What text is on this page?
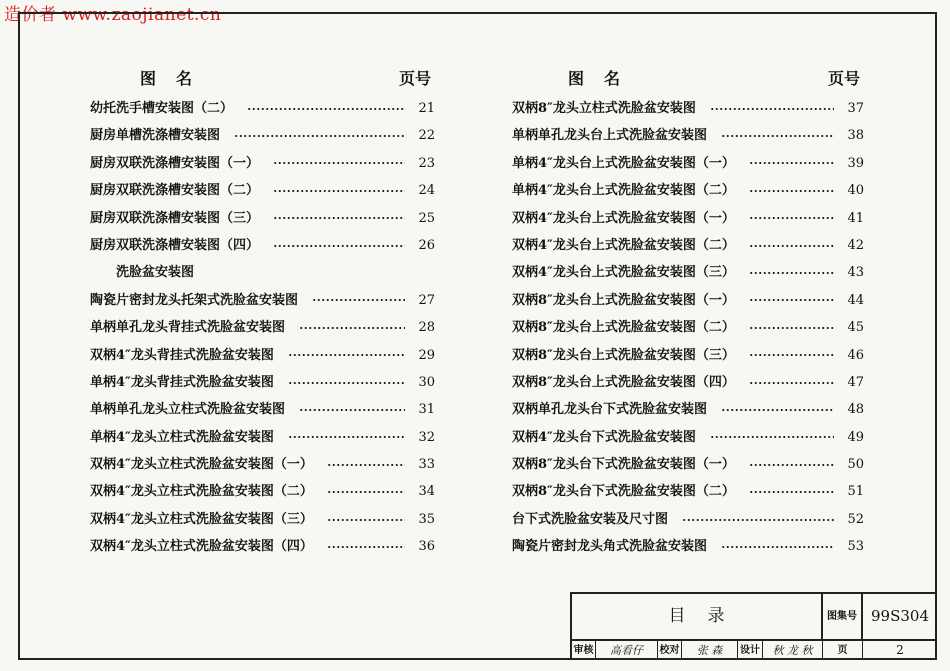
造价者 www.zaojianet.cn
图名	页号
幼托洗手槽安装图（二）	21
厨房单槽洗涤槽安装图	22
厨房双联洗涤槽安装图（一）	23
厨房双联洗涤槽安装图（二）	24
厨房双联洗涤槽安装图（三）	25
厨房双联洗涤槽安装图（四）	26
洗脸盆安装图
陶瓷片密封龙头托架式洗脸盆安装图	27
单柄单孔龙头背挂式洗脸盆安装图	28
双柄4″龙头背挂式洗脸盆安装图	29
单柄4″龙头背挂式洗脸盆安装图	30
单柄单孔龙头立柱式洗脸盆安装图	31
单柄4″龙头立柱式洗脸盆安装图	32
双柄4″龙头立柱式洗脸盆安装图（一）	33
双柄4″龙头立柱式洗脸盆安装图（二）	34
双柄4″龙头立柱式洗脸盆安装图（三）	35
双柄4″龙头立柱式洗脸盆安装图（四）	36
图名	页号
双柄8″龙头立柱式洗脸盆安装图	37
单柄单孔龙头台上式洗脸盆安装图	38
单柄4″龙头台上式洗脸盆安装图（一）	39
单柄4″龙头台上式洗脸盆安装图（二）	40
双柄4″龙头台上式洗脸盆安装图（一）	41
双柄4″龙头台上式洗脸盆安装图（二）	42
双柄4″龙头台上式洗脸盆安装图（三）	43
双柄8″龙头台上式洗脸盆安装图（一）	44
双柄8″龙头台上式洗脸盆安装图（二）	45
双柄8″龙头台上式洗脸盆安装图（三）	46
双柄8″龙头台上式洗脸盆安装图（四）	47
双柄单孔龙头台下式洗脸盆安装图	48
双柄4″龙头台下式洗脸盆安装图	49
双柄8″龙头台下式洗脸盆安装图（一）	50
双柄8″龙头台下式洗脸盆安装图（二）	51
台下式洗脸盆安装及尺寸图	52
陶瓷片密封龙头角式洗脸盆安装图	53
目录	图集号 99S304
审核	高看仔	校对	张 森	设计	秋 龙 秋	页	2
